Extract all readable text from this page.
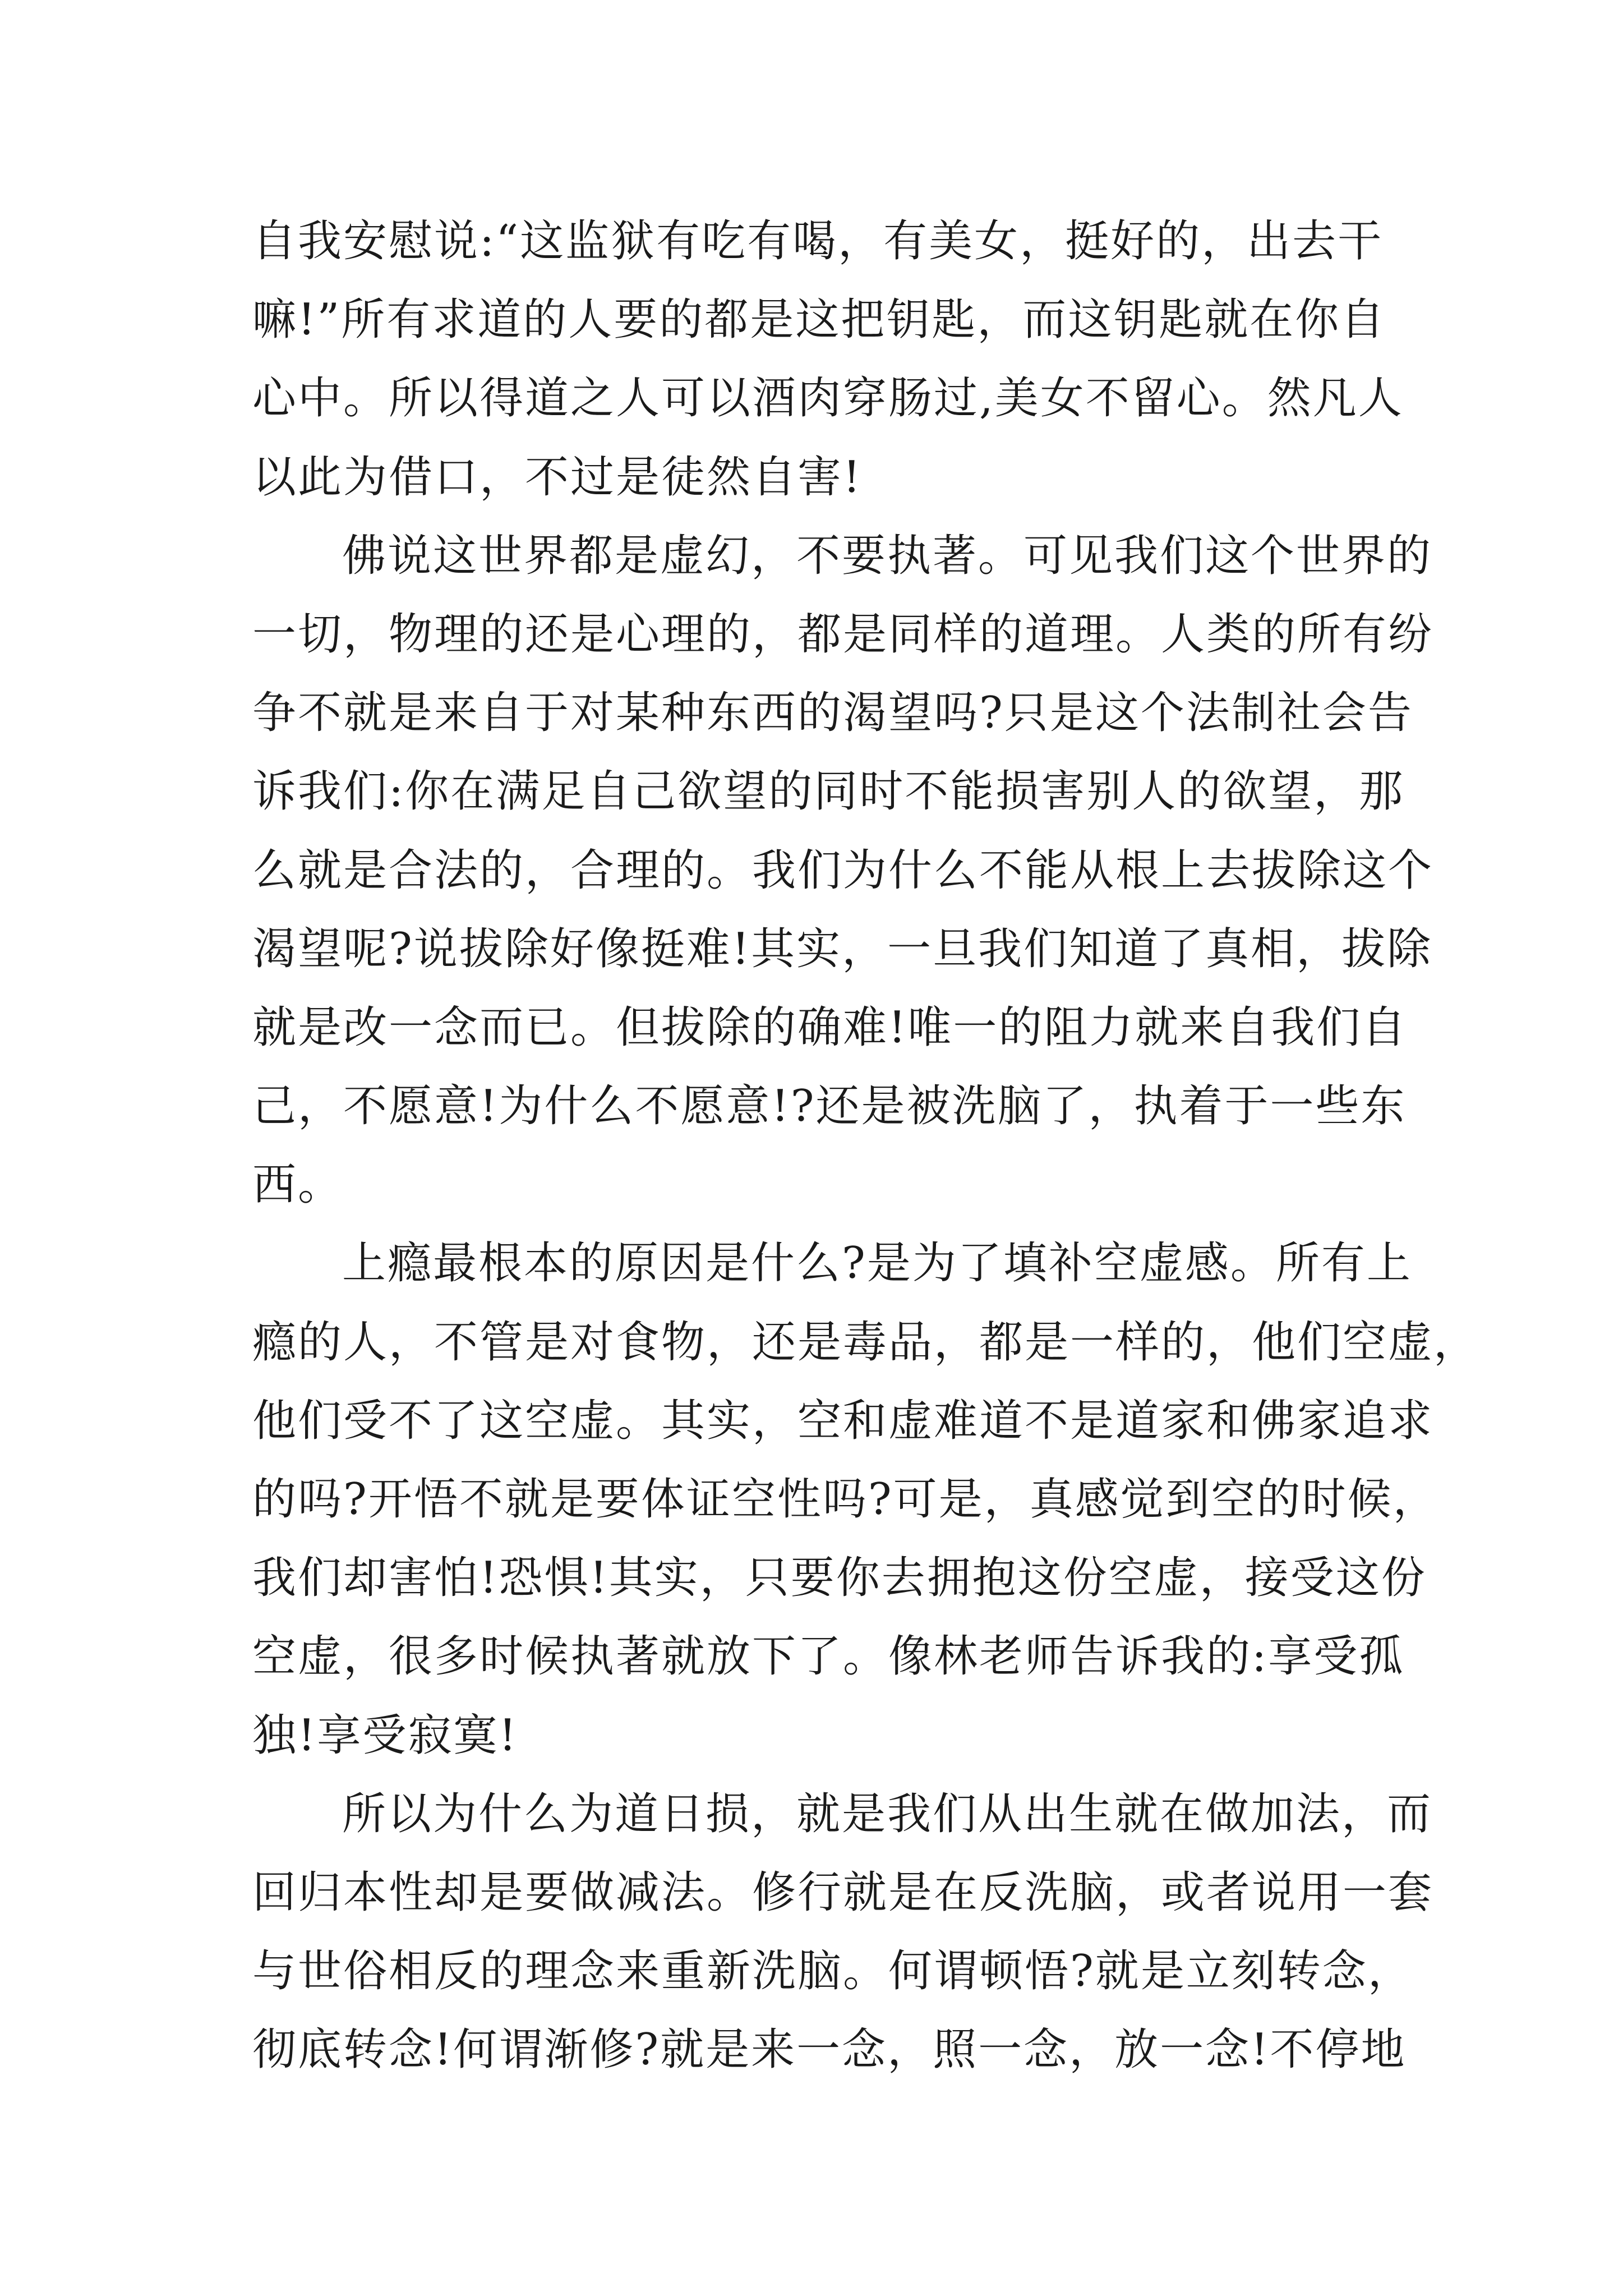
自我安慰说:“这监狱有吃有喝，有美女，挺好的，出去干
嘛!”所有求道的人要的都是这把钥匙，而这钥匙就在你自
心中。所以得道之人可以酒肉穿肠过,美女不留心。然凡人
以此为借口，不过是徒然自害!
佛说这世界都是虚幻，不要执著。可见我们这个世界的
一切，物理的还是心理的，都是同样的道理。人类的所有纷
争不就是来自于对某种东西的渴望吗?只是这个法制社会告
诉我们:你在满足自己欲望的同时不能损害别人的欲望，那
么就是合法的，合理的。我们为什么不能从根上去拔除这个
渴望呢?说拔除好像挺难!其实，一旦我们知道了真相，拔除
就是改一念而已。但拔除的确难!唯一的阻力就来自我们自
己，不愿意!为什么不愿意!?还是被洗脑了，执着于一些东
西。
上瘾最根本的原因是什么?是为了填补空虚感。所有上
瘾的人，不管是对食物，还是毒品，都是一样的，他们空虚，
他们受不了这空虚。其实，空和虚难道不是道家和佛家追求
的吗?开悟不就是要体证空性吗?可是，真感觉到空的时候，
我们却害怕!恐惧!其实，只要你去拥抱这份空虚，接受这份
空虚，很多时候执著就放下了。像林老师告诉我的:享受孤
独!享受寂寞!
所以为什么为道日损，就是我们从出生就在做加法，而
回归本性却是要做减法。修行就是在反洗脑，或者说用一套
与世俗相反的理念来重新洗脑。何谓顿悟?就是立刻转念，
彻底转念!何谓渐修?就是来一念，照一念，放一念!不停地
